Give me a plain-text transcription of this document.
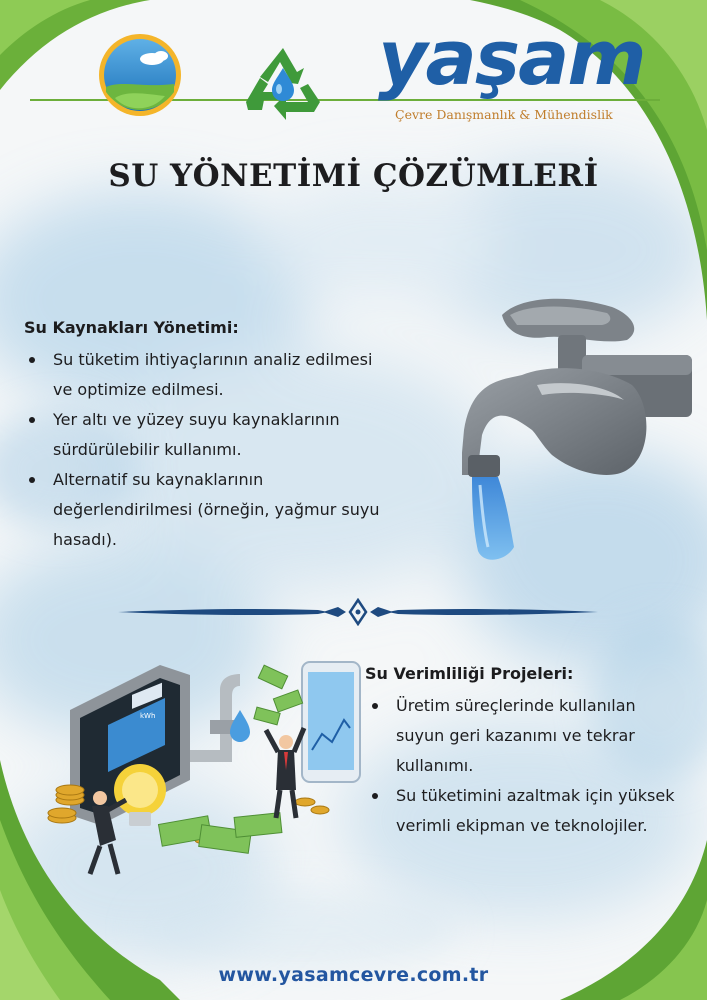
yaşam
Çevre Danışmanlık & Mühendislik
SU YÖNETİMİ ÇÖZÜMLERİ
Su Kaynakları Yönetimi:
Su tüketim ihtiyaçlarının analiz edilmesi ve optimize edilmesi.
Yer altı ve yüzey suyu kaynaklarının sürdürülebilir kullanımı.
Alternatif su kaynaklarının değerlendirilmesi (örneğin, yağmur suyu hasadı).
kWh
Su Verimliliği Projeleri:
Üretim süreçlerinde kullanılan suyun geri kazanımı ve tekrar kullanımı.
Su tüketimini azaltmak için yüksek verimli ekipman ve teknolojiler.
www.yasamcevre.com.tr
